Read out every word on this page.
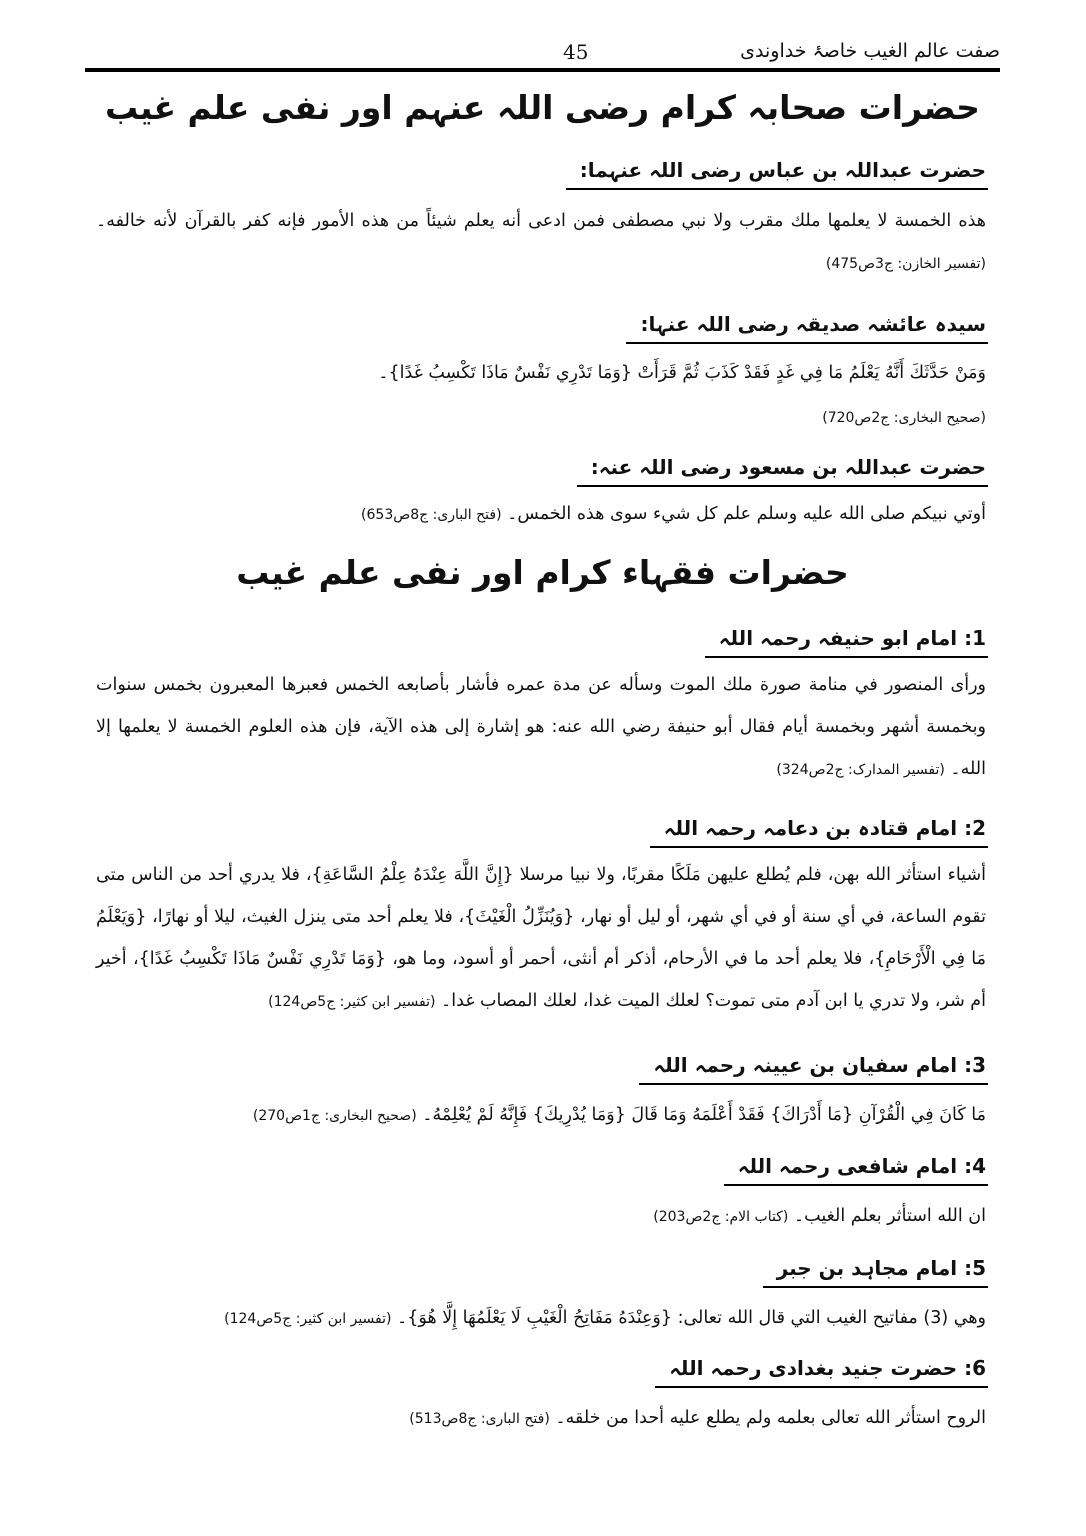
صفت عالم الغیب خاصۂ خداوندی
45
حضرات صحابہ کرام رضی اللہ عنہم اور نفی علم غیب
حضرت عبداللہ بن عباس رضی اللہ عنہما:
هذه الخمسة لا يعلمها ملك مقرب ولا نبي مصطفى فمن ادعى أنه يعلم شيئاً من هذه الأمور فإنه كفر بالقرآن لأنه خالفه۔ (تفسیر الخازن: ج3ص475)
سیدہ عائشہ صدیقہ رضی اللہ عنہا:
وَمَنْ حَدَّثَكَ أَنَّهُ يَعْلَمُ مَا فِي غَدٍ فَقَدْ كَذَبَ ثُمَّ قَرَأَتْ {وَمَا تَدْرِي نَفْسٌ مَاذَا تَكْسِبُ غَدًا}۔
(صحیح البخاری: ج2ص720)
حضرت عبداللہ بن مسعود رضی اللہ عنہ:
أوتي نبيكم صلى الله عليه وسلم علم كل شيء سوى هذه الخمس۔ (فتح الباری: ج8ص653)
حضرات فقہاء کرام اور نفی علم غیب
1: امام ابو حنیفہ رحمہ اللہ
ورأى المنصور في منامة صورة ملك الموت وسأله عن مدة عمره فأشار بأصابعه الخمس فعبرها المعبرون بخمس سنوات وبخمسة أشهر وبخمسة أيام فقال أبو حنيفة رضي الله عنه: هو إشارة إلى هذه الآية، فإن هذه العلوم الخمسة لا يعلمها إلا الله۔ (تفسیر المدارک: ج2ص324)
2: امام قتادہ بن دعامہ رحمہ اللہ
أشياء استأثر الله بهن، فلم يُطلع عليهن مَلَكًا مقربًا، ولا نبيا مرسلا {إِنَّ اللَّهَ عِنْدَهُ عِلْمُ السَّاعَةِ}، فلا يدري أحد من الناس متى تقوم الساعة، في أي سنة أو في أي شهر، أو ليل أو نهار، {وَيُنَزِّلُ الْغَيْثَ}، فلا يعلم أحد متى ينزل الغيث، ليلا أو نهارًا، {وَيَعْلَمُ مَا فِي الْأَرْحَامِ}، فلا يعلم أحد ما في الأرحام، أذكر أم أنثى، أحمر أو أسود، وما هو، {وَمَا تَدْرِي نَفْسٌ مَاذَا تَكْسِبُ غَدًا}، أخير أم شر، ولا تدري يا ابن آدم متى تموت؟ لعلك الميت غدا، لعلك المصاب غدا۔ (تفسیر ابن کثیر: ج5ص124)
3: امام سفیان بن عیینہ رحمہ اللہ
مَا كَانَ فِي الْقُرْآنِ {مَا أَدْرَاكَ} فَقَدْ أَعْلَمَهُ وَمَا قَالَ {وَمَا يُدْرِيكَ} فَإِنَّهُ لَمْ يُعْلِمْهُ۔ (صحیح البخاری: ج1ص270)
4: امام شافعی رحمہ اللہ
ان الله استأثر بعلم الغيب۔ (کتاب الام: ج2ص203)
5: امام مجاہد بن جبر
وهي (3) مفاتيح الغيب التي قال الله تعالى: {وَعِنْدَهُ مَفَاتِحُ الْغَيْبِ لَا يَعْلَمُهَا إِلَّا هُوَ}۔ (تفسیر ابن کثیر: ج5ص124)
6: حضرت جنید بغدادی رحمہ اللہ
الروح استأثر الله تعالى بعلمه ولم يطلع عليه أحدا من خلقه۔ (فتح الباری: ج8ص513)
